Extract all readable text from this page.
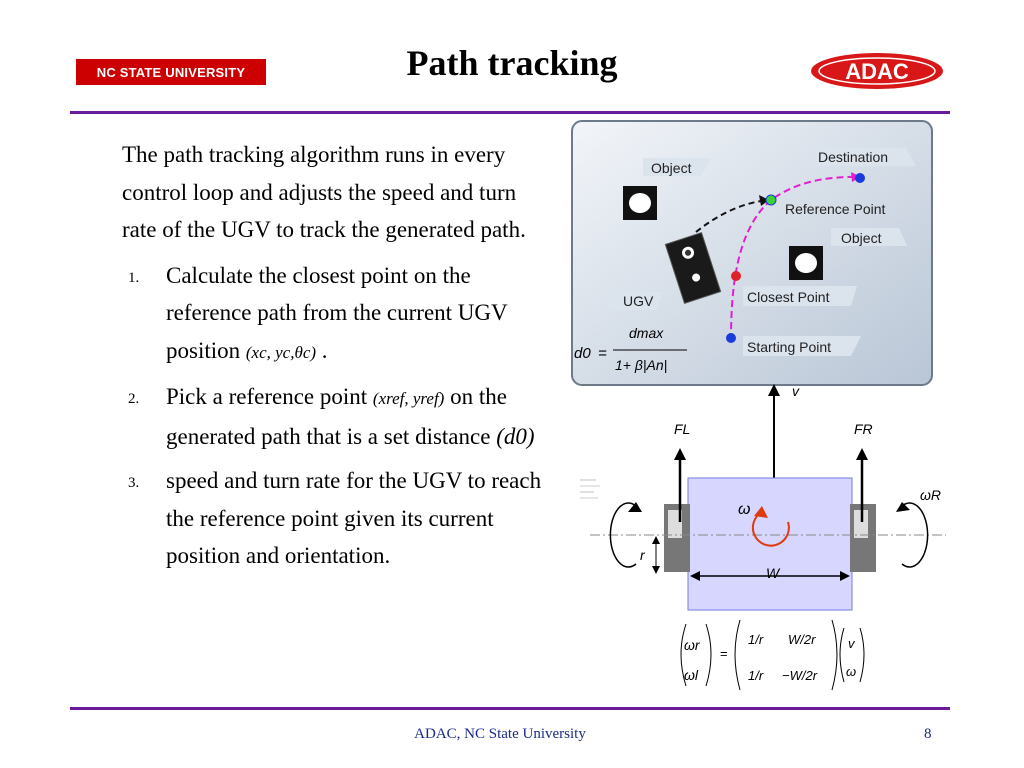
NC STATE UNIVERSITY	Path tracking	ADAC

The path tracking algorithm runs in every control loop and adjusts the speed and turn rate of the UGV to track the generated path.

1. Calculate the closest point on the reference path from the current UGV position (xc, yc,θc) .
2. Pick a reference point (xref, yref) on the generated path that is a set distance (d0)
3. speed and turn rate for the UGV to reach the reference point given its current position and orientation.
Object
Destination
Reference Point
Object
UGV	Closest Point
Starting Point
d0 =
dmax
1+ β|An|
v
FL	FR
ω
ωR
r
W
ωr
ωl
=
1/r W/2r
1/r −W/2r
v
ω
ADAC, NC State University	8
